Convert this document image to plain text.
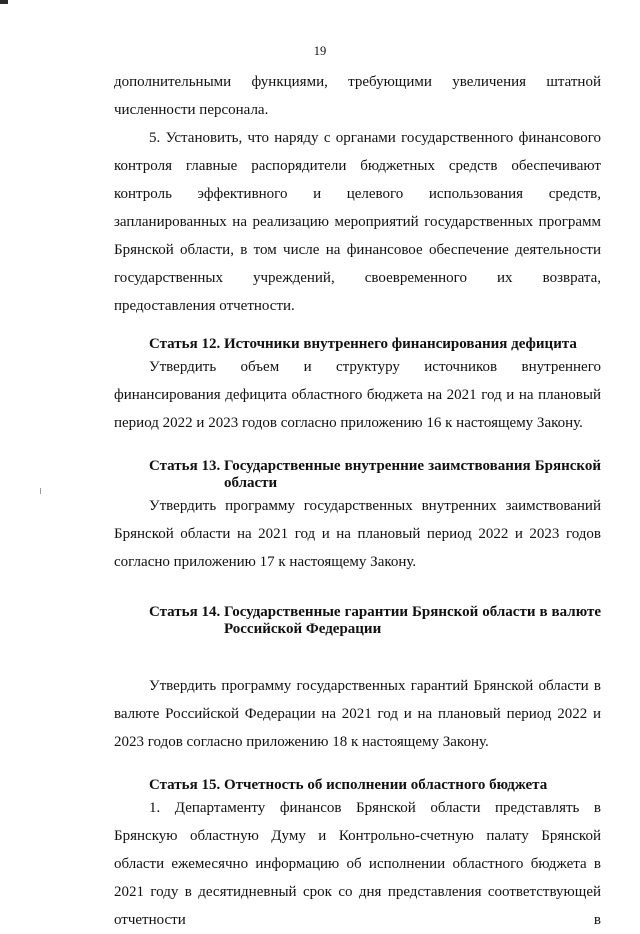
19

дополнительными функциями, требующими увеличения штатной

численности персонала.

5. Установить, что наряду с органами государственного финансового контроля главные распорядители бюджетных средств обеспечивают контроль эффективного и целевого использования средств, запланированных на реализацию мероприятий государственных программ Брянской области, в том числе на финансовое обеспечение деятельности государственных учреждений, своевременного их возврата, предоставления отчетности.

Статья 12. Источники внутреннего финансирования дефицита

Утвердить объем и структуру источников внутреннего финансирования дефицита областного бюджета на 2021 год и на плановый период 2022 и 2023 годов согласно приложению 16 к настоящему Закону.

Статья 13. Государственные внутренние заимствования Брянской области

Утвердить программу государственных внутренних заимствований Брянской области на 2021 год и на плановый период 2022 и 2023 годов согласно приложению 17 к настоящему Закону.

Статья 14. Государственные гарантии Брянской области в валюте Российской Федерации

Утвердить программу государственных гарантий Брянской области в валюте Российской Федерации на 2021 год и на плановый период 2022 и 2023 годов согласно приложению 18 к настоящему Закону.

Статья 15. Отчетность об исполнении областного бюджета

1. Департаменту финансов Брянской области представлять в Брянскую областную Думу и Контрольно-счетную палату Брянской области ежемесячно информацию об исполнении областного бюджета в 2021 году в десятидневный срок со дня представления соответствующей отчетности в
